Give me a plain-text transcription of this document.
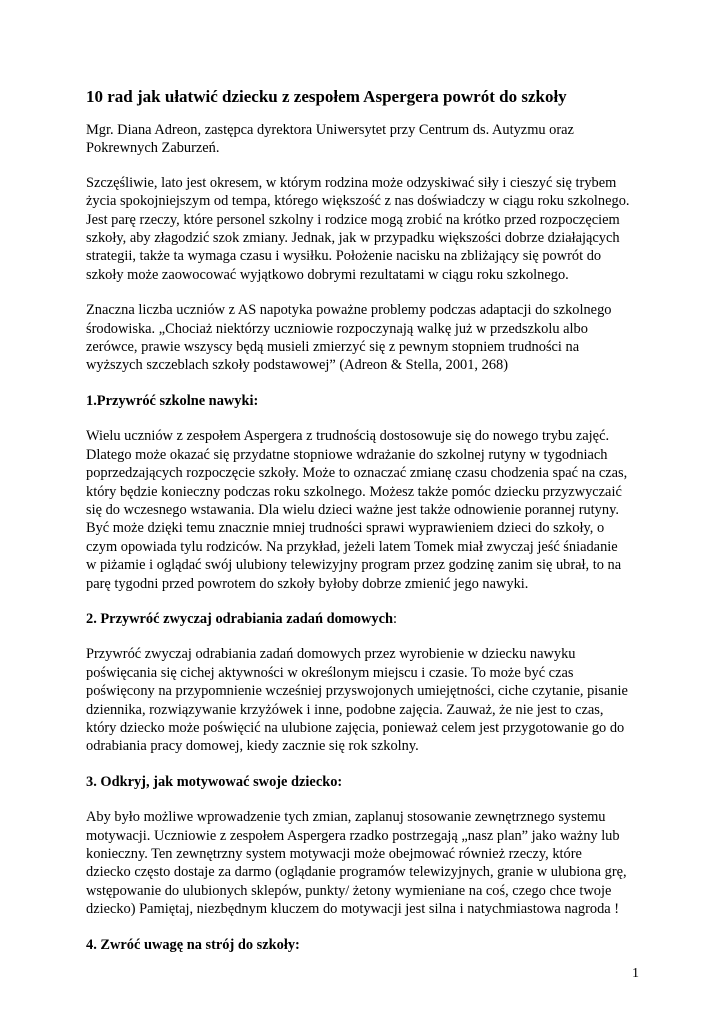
10 rad jak ułatwić dziecku z zespołem Aspergera powrót do szkoły

Mgr. Diana Adreon, zastępca dyrektora Uniwersytet przy Centrum ds. Autyzmu oraz
Pokrewnych Zaburzeń.

Szczęśliwie, lato jest okresem, w którym rodzina może odzyskiwać siły i cieszyć się trybem
życia spokojniejszym od tempa, którego większość z nas doświadczy w ciągu roku szkolnego.
Jest parę rzeczy, które personel szkolny i rodzice mogą zrobić na krótko przed rozpoczęciem
szkoły, aby złagodzić szok zmiany. Jednak, jak w przypadku większości dobrze działających
strategii, także ta wymaga czasu i wysiłku. Położenie nacisku na zbliżający się powrót do
szkoły może zaowocować wyjątkowo dobrymi rezultatami w ciągu roku szkolnego.

Znaczna liczba uczniów z AS napotyka poważne problemy podczas adaptacji do szkolnego
środowiska. „Chociaż niektórzy uczniowie rozpoczynają walkę już w przedszkolu albo
zerówce, prawie wszyscy będą musieli zmierzyć się z pewnym stopniem trudności na
wyższych szczeblach szkoły podstawowej” (Adreon & Stella, 2001, 268)

1.Przywróć szkolne nawyki:

Wielu uczniów z zespołem Aspergera z trudnością dostosowuje się do nowego trybu zajęć.
Dlatego może okazać się przydatne stopniowe wdrażanie do szkolnej rutyny w tygodniach
poprzedzających rozpoczęcie szkoły. Może to oznaczać zmianę czasu chodzenia spać na czas,
który będzie konieczny podczas roku szkolnego. Możesz także pomóc dziecku przyzwyczaić
się do wczesnego wstawania. Dla wielu dzieci ważne jest także odnowienie porannej rutyny.
Być może dzięki temu znacznie mniej trudności sprawi wyprawieniem dzieci do szkoły, o
czym opowiada tylu rodziców. Na przykład, jeżeli latem Tomek miał zwyczaj jeść śniadanie
w piżamie i oglądać swój ulubiony telewizyjny program przez godzinę zanim się ubrał, to na
parę tygodni przed powrotem do szkoły byłoby dobrze zmienić jego nawyki.

2. Przywróć zwyczaj odrabiania zadań domowych:

Przywróć zwyczaj odrabiania zadań domowych przez wyrobienie w dziecku nawyku
poświęcania się cichej aktywności w określonym miejscu i czasie. To może być czas
poświęcony na przypomnienie wcześniej przyswojonych umiejętności, ciche czytanie, pisanie
dziennika, rozwiązywanie krzyżówek i inne, podobne zajęcia. Zauważ, że nie jest to czas,
który dziecko może poświęcić na ulubione zajęcia, ponieważ celem jest przygotowanie go do
odrabiania pracy domowej, kiedy zacznie się rok szkolny.

3. Odkryj, jak motywować swoje dziecko:

Aby było możliwe wprowadzenie tych zmian, zaplanuj stosowanie zewnętrznego systemu
motywacji. Uczniowie z zespołem Aspergera rzadko postrzegają „nasz plan” jako ważny lub
konieczny. Ten zewnętrzny system motywacji może obejmować również rzeczy, które
dziecko często dostaje za darmo (oglądanie programów telewizyjnych, granie w ulubiona grę,
wstępowanie do ulubionych sklepów, punkty/ żetony wymieniane na coś, czego chce twoje
dziecko) Pamiętaj, niezbędnym kluczem do motywacji jest silna i natychmiastowa nagroda !

4. Zwróć uwagę na strój do szkoły:
1
